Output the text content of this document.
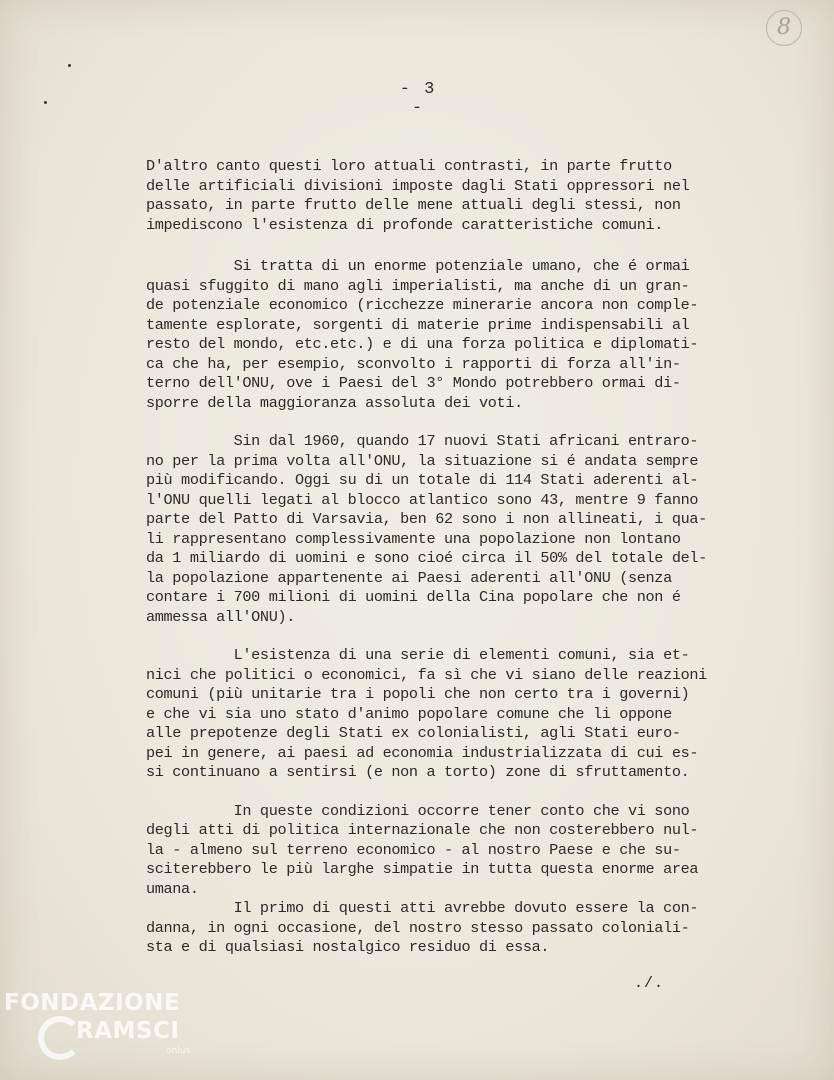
8
- 3 -
D'altro canto questi loro attuali contrasti, in parte frutto
delle artificiali divisioni imposte dagli Stati oppressori nel
passato, in parte frutto delle mene attuali degli stessi, non
impediscono l'esistenza di profonde caratteristiche comuni.
Si tratta di un enorme potenziale umano, che é ormai
quasi sfuggito di mano agli imperialisti, ma anche di un gran-
de potenziale economico (ricchezze minerarie ancora non comple-
tamente esplorate, sorgenti di materie prime indispensabili al
resto del mondo, etc.etc.) e di una forza politica e diplomati-
ca che ha, per esempio, sconvolto i rapporti di forza all'in-
terno dell'ONU, ove i Paesi del 3° Mondo potrebbero ormai di-
sporre della maggioranza assoluta dei voti.
Sin dal 1960, quando 17 nuovi Stati africani entraro-
no per la prima volta all'ONU, la situazione si é andata sempre
più modificando. Oggi su di un totale di 114 Stati aderenti al-
l'ONU quelli legati al blocco atlantico sono 43, mentre 9 fanno
parte del Patto di Varsavia, ben 62 sono i non allineati, i qua-
li rappresentano complessivamente una popolazione non lontano
da 1 miliardo di uomini e sono cioé circa il 50% del totale del-
la popolazione appartenente ai Paesi aderenti all'ONU (senza
contare i 700 milioni di uomini della Cina popolare che non é
ammessa all'ONU).
L'esistenza di una serie di elementi comuni, sia et-
nici che politici o economici, fa sì che vi siano delle reazioni
comuni (più unitarie tra i popoli che non certo tra i governi)
e che vi sia uno stato d'animo popolare comune che li oppone
alle prepotenze degli Stati ex colonialisti, agli Stati euro-
pei in genere, ai paesi ad economia industrializzata di cui es-
si continuano a sentirsi (e non a torto) zone di sfruttamento.
In queste condizioni occorre tener conto che vi sono
degli atti di politica internazionale che non costerebbero nul-
la - almeno sul terreno economico - al nostro Paese e che su-
sciterebbero le più larghe simpatie in tutta questa enorme area
umana.
Il primo di questi atti avrebbe dovuto essere la con-
danna, in ogni occasione, del nostro stesso passato coloniali-
sta e di qualsiasi nostalgico residuo di essa.
./.
FONDAZIONE
RAMSCI
onlus
